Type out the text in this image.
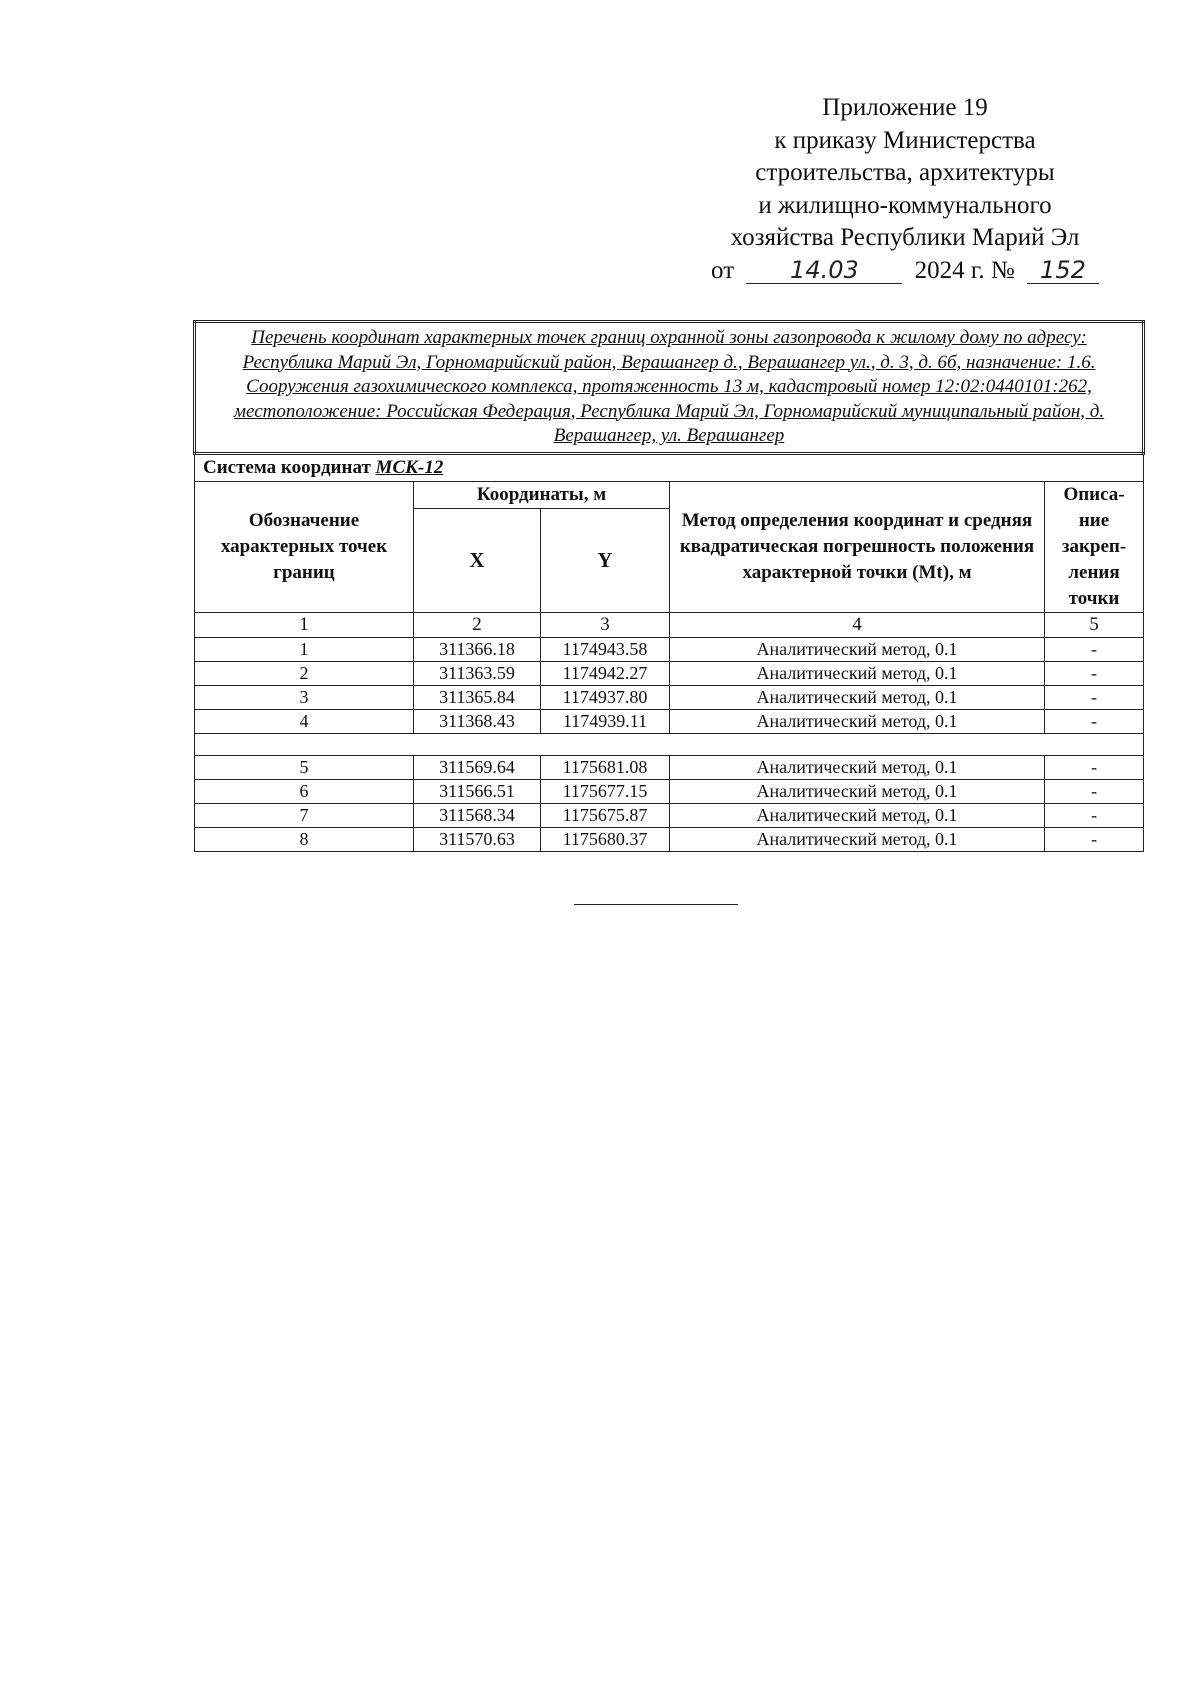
Приложение 19
к приказу Министерства
строительства, архитектуры
и жилищно-коммунального
хозяйства Республики Марий Эл
от 14.03 2024 г. № 152
Перечень координат характерных точек границ охранной зоны газопровода к жилому дому по адресу: Республика Марий Эл, Горномарийский район, Верашангер д., Верашангер ул., д. 3, д. 6б, назначение: 1.6. Сооружения газохимического комплекса, протяженность 13 м, кадастровый номер 12:02:0440101:262, местоположение: Российская Федерация, Республика Марий Эл, Горномарийский муниципальный район, д. Верашангер, ул. Верашангер				
Система координат МСК-12				
Обозначение характерных точек границ	Координаты, м		Метод определения координат и средняя квадратическая погрешность положения характерной точки (Mt), м	Описа-ние закреп-ления точки
	X	Y		
1	2	3	4	5
1	311366.18	1174943.58	Аналитический метод, 0.1	-
2	311363.59	1174942.27	Аналитический метод, 0.1	-
3	311365.84	1174937.80	Аналитический метод, 0.1	-
4	311368.43	1174939.11	Аналитический метод, 0.1	-

5	311569.64	1175681.08	Аналитический метод, 0.1	-
6	311566.51	1175677.15	Аналитический метод, 0.1	-
7	311568.34	1175675.87	Аналитический метод, 0.1	-
8	311570.63	1175680.37	Аналитический метод, 0.1	-
